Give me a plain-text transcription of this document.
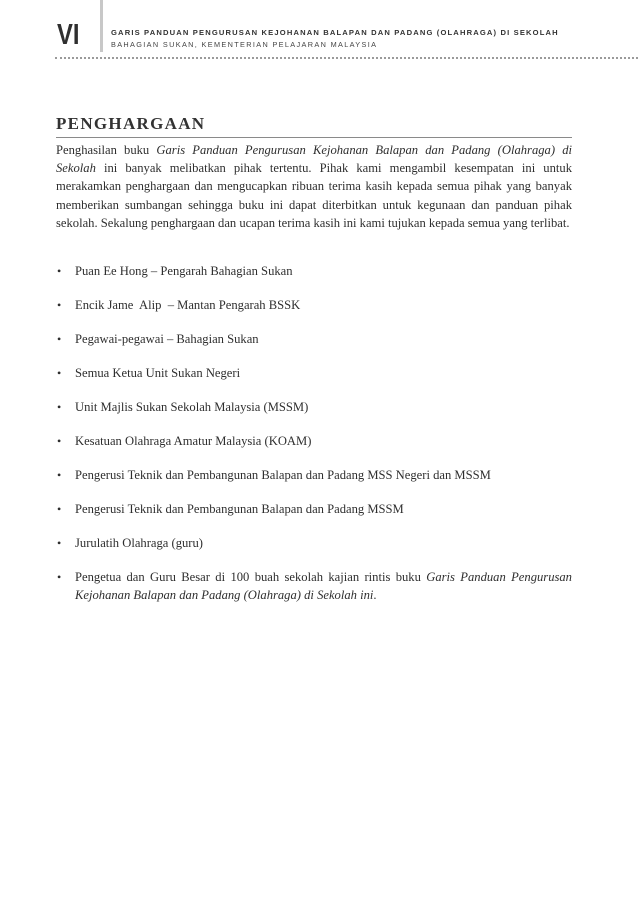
VI	GARIS PANDUAN PENGURUSAN KEJOHANAN BALAPAN DAN PADANG (OLAHRAGA) DI SEKOLAH
BAHAGIAN SUKAN, KEMENTERIAN PELAJARAN MALAYSIA
PENGHARGAAN

Penghasilan buku Garis Panduan Pengurusan Kejohanan Balapan dan Padang (Olahraga) di Sekolah ini banyak melibatkan pihak tertentu. Pihak kami mengambil kesempatan ini untuk merakamkan penghargaan dan mengucapkan ribuan terima kasih kepada semua pihak yang banyak memberikan sumbangan sehingga buku ini dapat diterbitkan untuk kegunaan dan panduan pihak sekolah. Sekalung penghargaan dan ucapan terima kasih ini kami tujukan kepada semua yang terlibat.

• Puan Ee Hong – Pengarah Bahagian Sukan
• Encik Jame  Alip  – Mantan Pengarah BSSK
• Pegawai-pegawai – Bahagian Sukan
• Semua Ketua Unit Sukan Negeri
• Unit Majlis Sukan Sekolah Malaysia (MSSM)
• Kesatuan Olahraga Amatur Malaysia (KOAM)
• Pengerusi Teknik dan Pembangunan Balapan dan Padang MSS Negeri dan MSSM
• Pengerusi Teknik dan Pembangunan Balapan dan Padang MSSM
• Jurulatih Olahraga (guru)
• Pengetua dan Guru Besar di 100 buah sekolah kajian rintis buku Garis Panduan Pengurusan Kejohanan Balapan dan Padang (Olahraga) di Sekolah ini.
